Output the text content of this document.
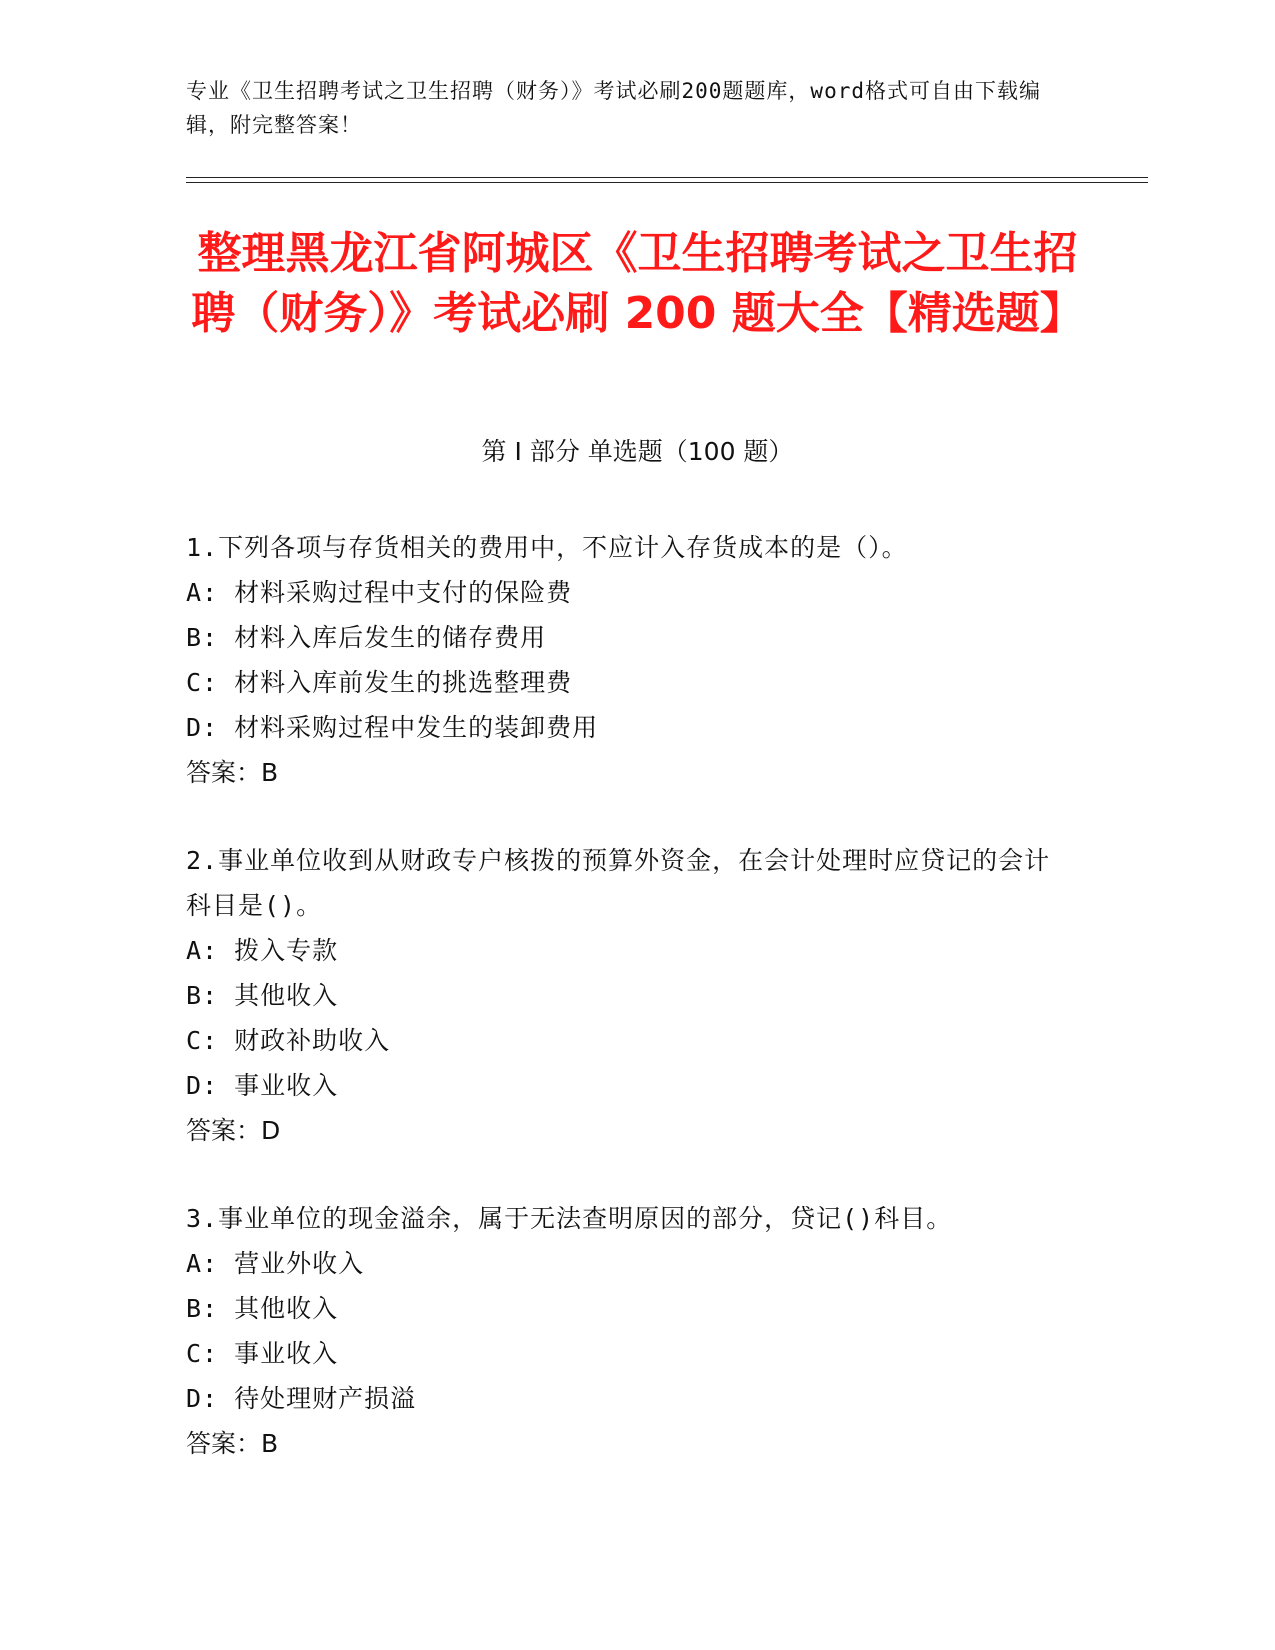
专业《卫生招聘考试之卫生招聘（财务）》考试必刷200题题库，word格式可自由下载编辑，附完整答案！
整理黑龙江省阿城区《卫生招聘考试之卫生招聘（财务）》考试必刷 200 题大全【精选题】
第 I 部分 单选题（100 题）
1.下列各项与存货相关的费用中，不应计入存货成本的是（）。
A: 材料采购过程中支付的保险费
B: 材料入库后发生的储存费用
C: 材料入库前发生的挑选整理费
D: 材料采购过程中发生的装卸费用
答案：B
2.事业单位收到从财政专户核拨的预算外资金，在会计处理时应贷记的会计科目是()。
A: 拨入专款
B: 其他收入
C: 财政补助收入
D: 事业收入
答案：D
3.事业单位的现金溢余，属于无法查明原因的部分，贷记()科目。
A: 营业外收入
B: 其他收入
C: 事业收入
D: 待处理财产损溢
答案：B
